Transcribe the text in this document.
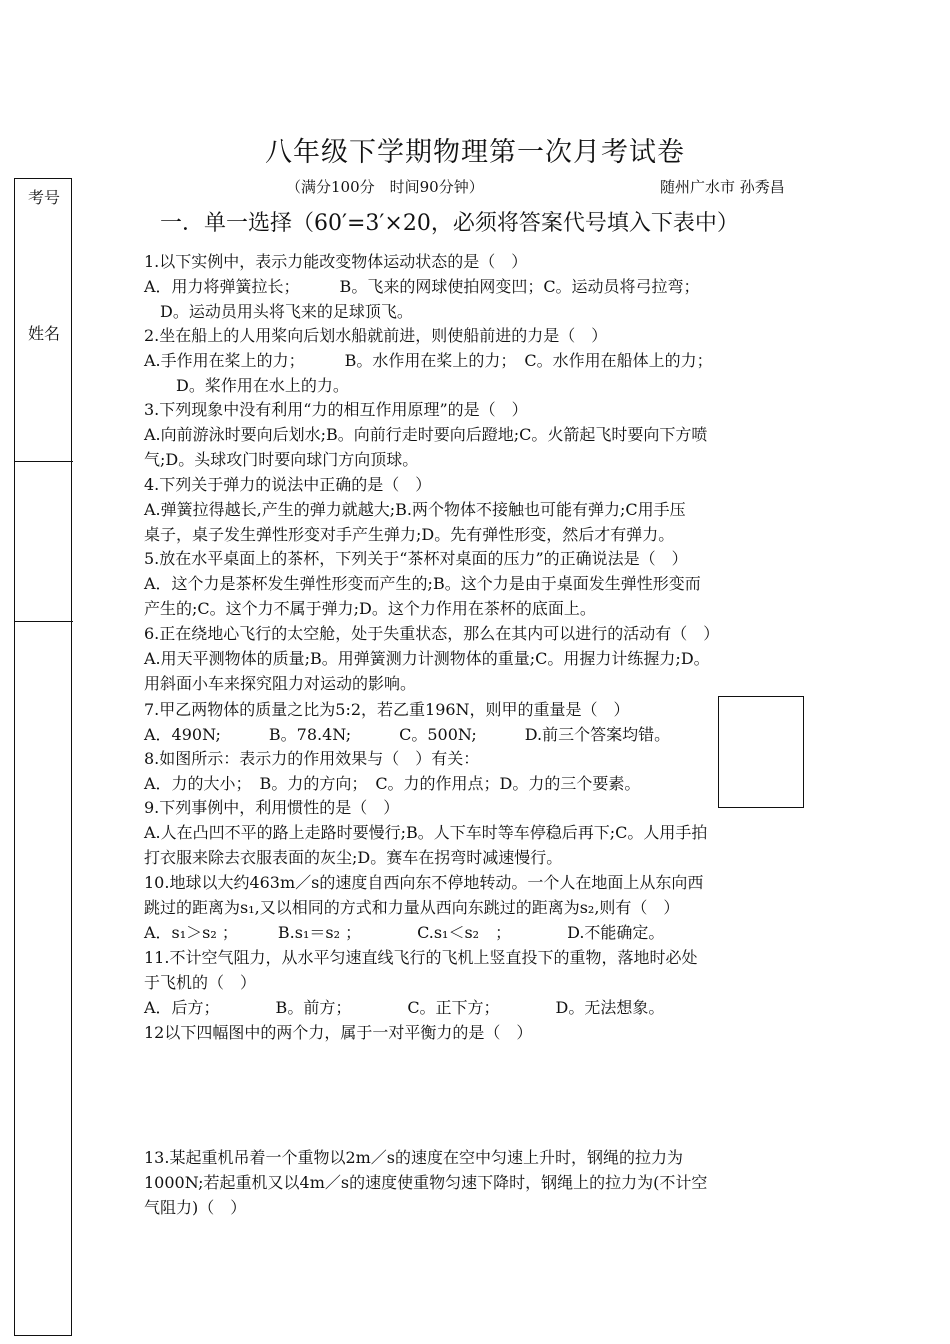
八年级下学期物理第一次月考试卷
（满分100分　时间90分钟）	随州广水市 孙秀昌
考号
姓名
一．单一选择（60′=3′×20，必须将答案代号填入下表中）
1.以下实例中，表示力能改变物体运动状态的是（　）
A．用力将弹簧拉长；　　　B。飞来的网球使拍网变凹；C。运动员将弓拉弯；
　D。运动员用头将飞来的足球顶飞。
2.坐在船上的人用桨向后划水船就前进，则使船前进的力是（　）
A.手作用在桨上的力；　　　B。水作用在桨上的力；　C。水作用在船体上的力；
　　D。桨作用在水上的力。
3.下列现象中没有利用“力的相互作用原理”的是（　）
A.向前游泳时要向后划水;B。向前行走时要向后蹬地;C。火箭起飞时要向下方喷
气;D。头球攻门时要向球门方向顶球。
4.下列关于弹力的说法中正确的是（　）
A.弹簧拉得越长,产生的弹力就越大;B.两个物体不接触也可能有弹力;C用手压
桌子，桌子发生弹性形变对手产生弹力;D。先有弹性形变，然后才有弹力。
5.放在水平桌面上的茶杯，下列关于“茶杯对桌面的压力”的正确说法是（　）
A．这个力是茶杯发生弹性形变而产生的;B。这个力是由于桌面发生弹性形变而
产生的;C。这个力不属于弹力;D。这个力作用在茶杯的底面上。
6.正在绕地心飞行的太空舱，处于失重状态，那么在其内可以进行的活动有（　）
A.用天平测物体的质量;B。用弹簧测力计测物体的重量;C。用握力计练握力;D。
用斜面小车来探究阻力对运动的影响。
7.甲乙两物体的质量之比为5:2，若乙重196N，则甲的重量是（　）
A．490N;　　　B。78.4N;　　　C。500N;　　　D.前三个答案均错。
8.如图所示：表示力的作用效果与（　）有关：
A．力的大小；　B。力的方向；　C。力的作用点；D。力的三个要素。
9.下列事例中，利用惯性的是（　）
A.人在凸凹不平的路上走路时要慢行;B。人下车时等车停稳后再下;C。人用手拍
打衣服来除去衣服表面的灰尘;D。赛车在拐弯时减速慢行。
10.地球以大约463m／s的速度自西向东不停地转动。一个人在地面上从东向西
跳过的距离为s₁,又以相同的方式和力量从西向东跳过的距离为s₂,则有（　）
A．s₁＞s₂ ；　　　B.s₁＝s₂ ；　　　　C.s₁＜s₂　；　　　　D.不能确定。
11.不计空气阻力，从水平匀速直线飞行的飞机上竖直投下的重物，落地时必处
于飞机的（　）
A．后方；　　　　B。前方；　　　　C。正下方；　　　　D。无法想象。
12以下四幅图中的两个力，属于一对平衡力的是（　）
13.某起重机吊着一个重物以2m／s的速度在空中匀速上升时，钢绳的拉力为
1000N;若起重机又以4m／s的速度使重物匀速下降时，钢绳上的拉力为(不计空
气阻力)（　）
